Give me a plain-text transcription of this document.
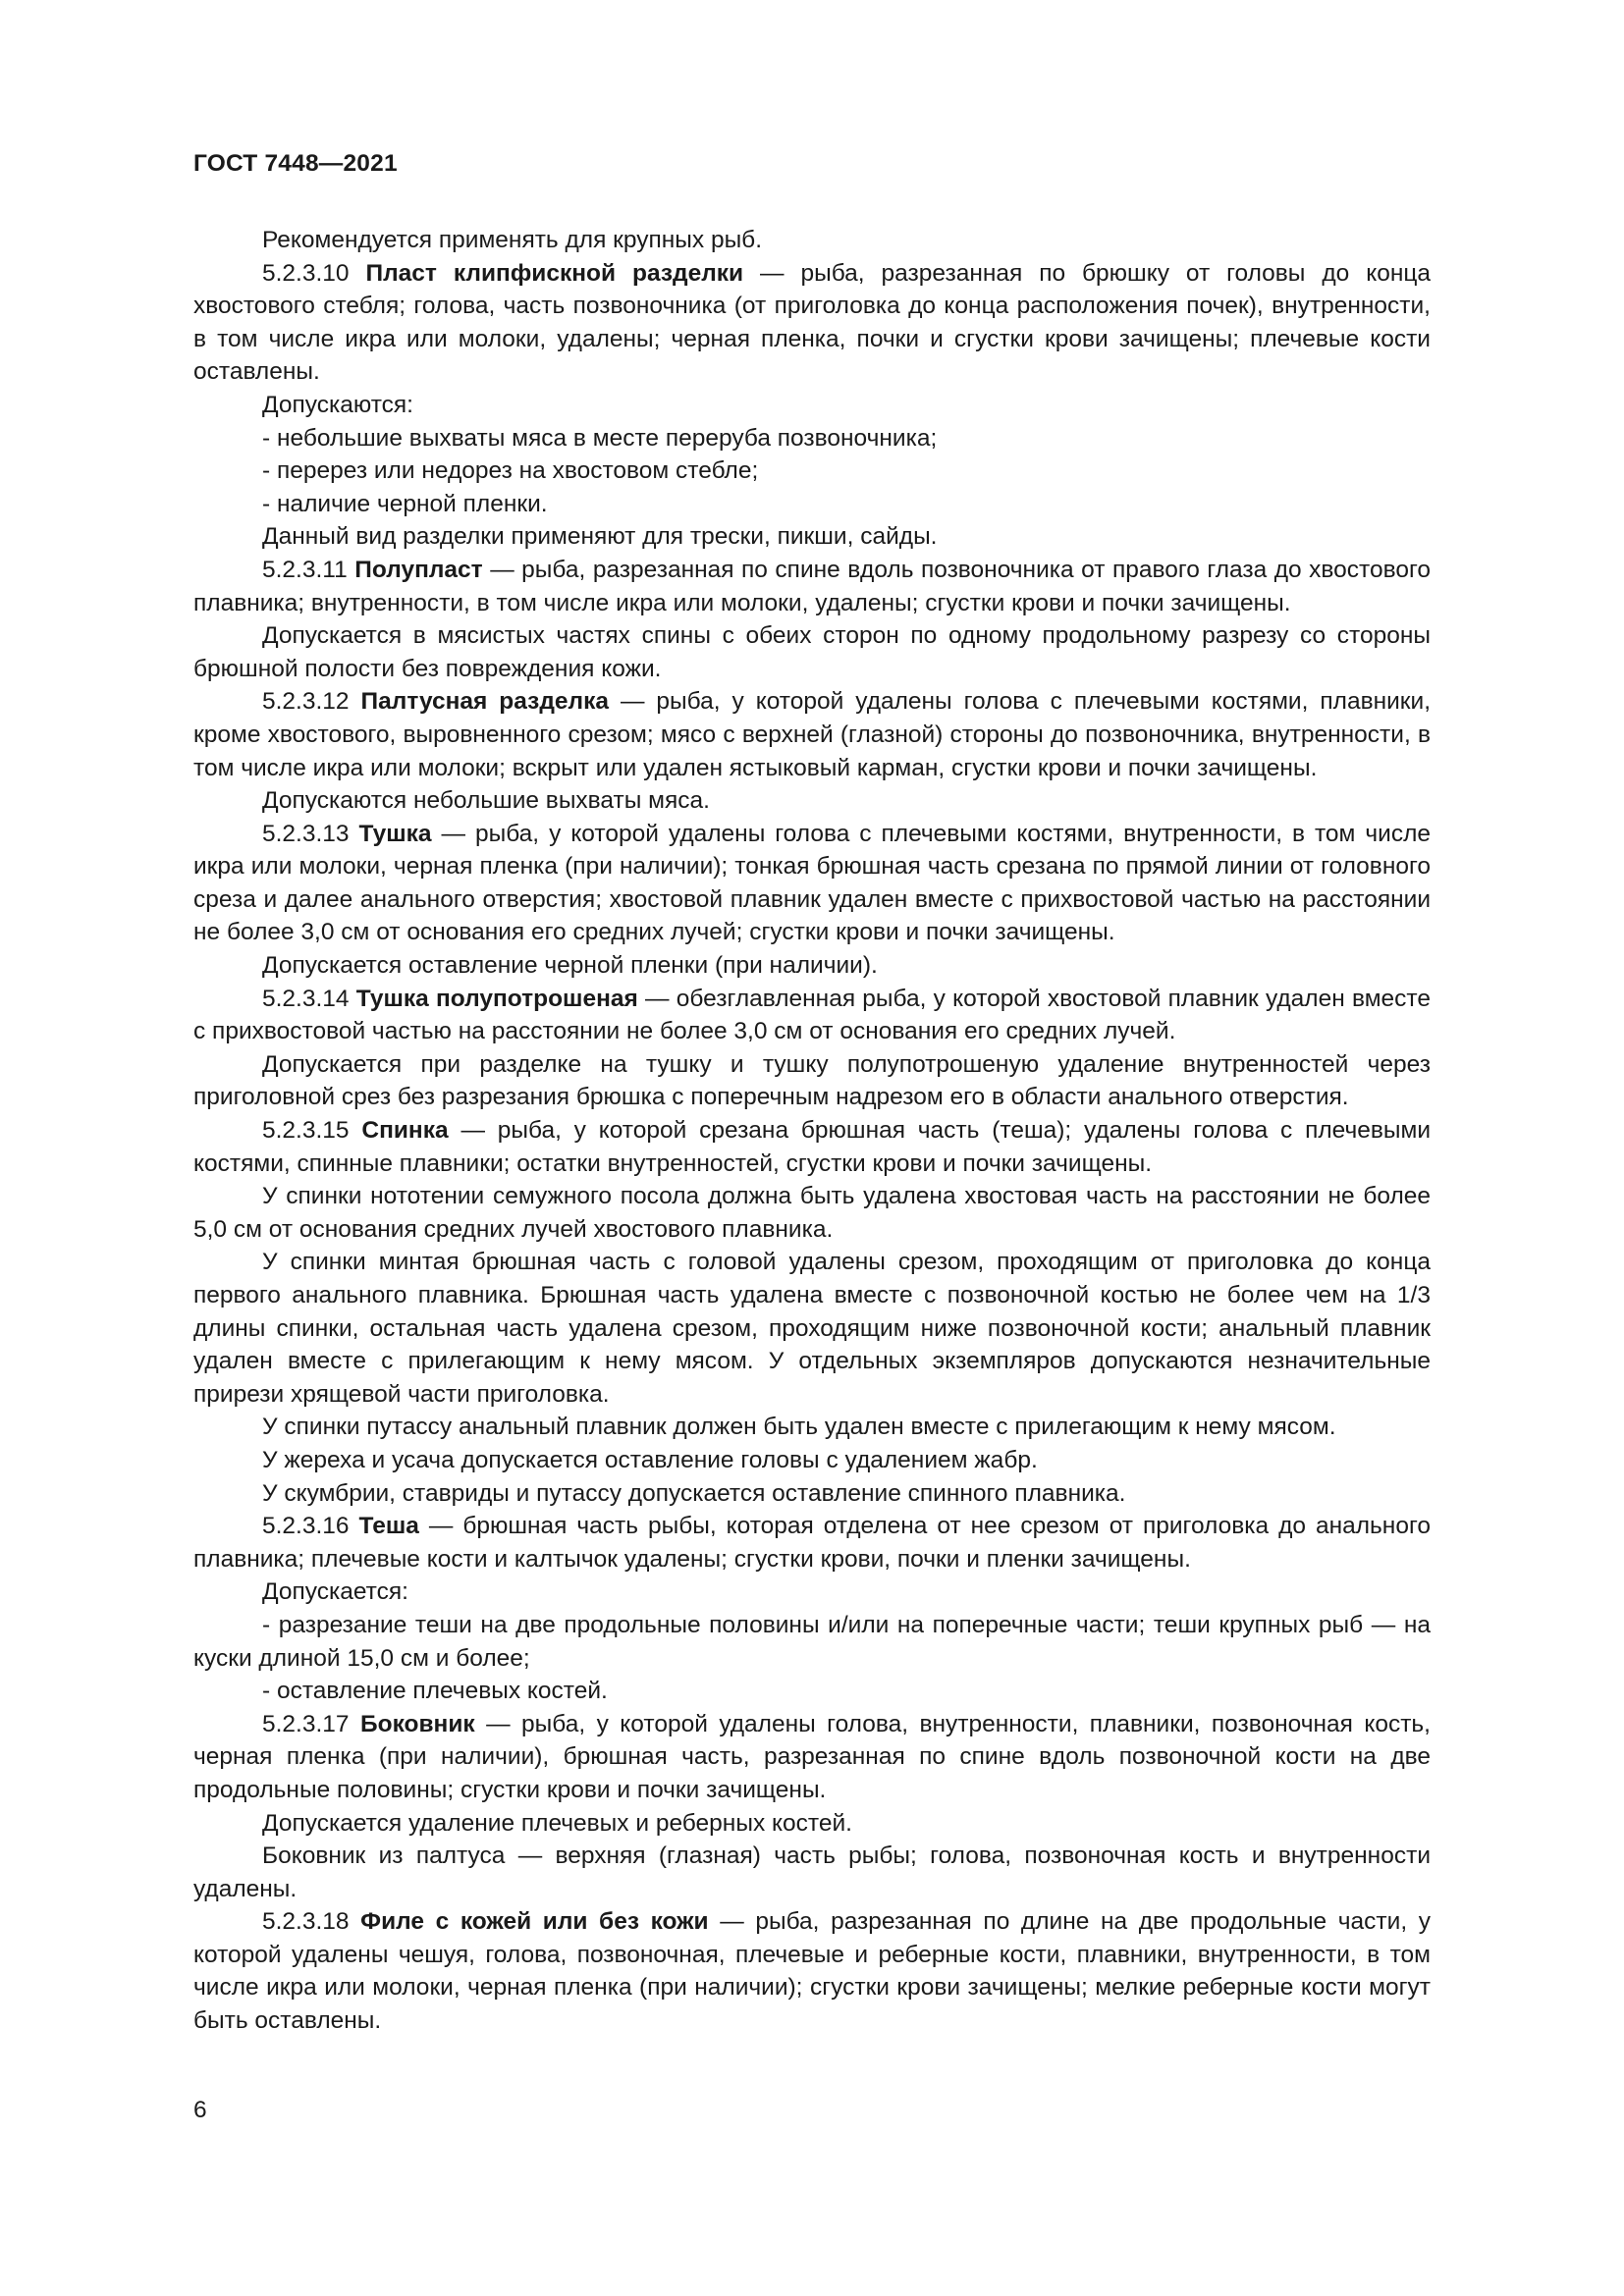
ГОСТ 7448—2021

Рекомендуется применять для крупных рыб.

5.2.3.10 Пласт клипфискной разделки — рыба, разрезанная по брюшку от головы до конца хвостового стебля; голова, часть позвоночника (от приголовка до конца расположения почек), внутренности, в том числе икра или молоки, удалены; черная пленка, почки и сгустки крови зачищены; плечевые кости оставлены.

Допускаются:

- небольшие выхваты мяса в месте переруба позвоночника;

- перерез или недорез на хвостовом стебле;

- наличие черной пленки.

Данный вид разделки применяют для трески, пикши, сайды.

5.2.3.11 Полупласт — рыба, разрезанная по спине вдоль позвоночника от правого глаза до хвостового плавника; внутренности, в том числе икра или молоки, удалены; сгустки крови и почки зачищены.

Допускается в мясистых частях спины с обеих сторон по одному продольному разрезу со стороны брюшной полости без повреждения кожи.

5.2.3.12 Палтусная разделка — рыба, у которой удалены голова с плечевыми костями, плавники, кроме хвостового, выровненного срезом; мясо с верхней (глазной) стороны до позвоночника, внутренности, в том числе икра или молоки; вскрыт или удален ястыковый карман, сгустки крови и почки зачищены.

Допускаются небольшие выхваты мяса.

5.2.3.13 Тушка — рыба, у которой удалены голова с плечевыми костями, внутренности, в том числе икра или молоки, черная пленка (при наличии); тонкая брюшная часть срезана по прямой линии от головного среза и далее анального отверстия; хвостовой плавник удален вместе с прихвостовой частью на расстоянии не более 3,0 см от основания его средних лучей; сгустки крови и почки зачищены.

Допускается оставление черной пленки (при наличии).

5.2.3.14 Тушка полупотрошеная — обезглавленная рыба, у которой хвостовой плавник удален вместе с прихвостовой частью на расстоянии не более 3,0 см от основания его средних лучей.

Допускается при разделке на тушку и тушку полупотрошеную удаление внутренностей через приголовной срез без разрезания брюшка с поперечным надрезом его в области анального отверстия.

5.2.3.15 Спинка — рыба, у которой срезана брюшная часть (теша); удалены голова с плечевыми костями, спинные плавники; остатки внутренностей, сгустки крови и почки зачищены.

У спинки нототении семужного посола должна быть удалена хвостовая часть на расстоянии не более 5,0 см от основания средних лучей хвостового плавника.

У спинки минтая брюшная часть с головой удалены срезом, проходящим от приголовка до конца первого анального плавника. Брюшная часть удалена вместе с позвоночной костью не более чем на 1/3 длины спинки, остальная часть удалена срезом, проходящим ниже позвоночной кости; анальный плавник удален вместе с прилегающим к нему мясом. У отдельных экземпляров допускаются незначительные прирези хрящевой части приголовка.

У спинки путассу анальный плавник должен быть удален вместе с прилегающим к нему мясом.

У жереха и усача допускается оставление головы с удалением жабр.

У скумбрии, ставриды и путассу допускается оставление спинного плавника.

5.2.3.16 Теша — брюшная часть рыбы, которая отделена от нее срезом от приголовка до анального плавника; плечевые кости и калтычок удалены; сгустки крови, почки и пленки зачищены.

Допускается:

- разрезание теши на две продольные половины и/или на поперечные части; теши крупных рыб — на куски длиной 15,0 см и более;

- оставление плечевых костей.

5.2.3.17 Боковник — рыба, у которой удалены голова, внутренности, плавники, позвоночная кость, черная пленка (при наличии), брюшная часть, разрезанная по спине вдоль позвоночной кости на две продольные половины; сгустки крови и почки зачищены.

Допускается удаление плечевых и реберных костей.

Боковник из палтуса — верхняя (глазная) часть рыбы; голова, позвоночная кость и внутренности удалены.

5.2.3.18 Филе с кожей или без кожи — рыба, разрезанная по длине на две продольные части, у которой удалены чешуя, голова, позвоночная, плечевые и реберные кости, плавники, внутренности, в том числе икра или молоки, черная пленка (при наличии); сгустки крови зачищены; мелкие реберные кости могут быть оставлены.

6
